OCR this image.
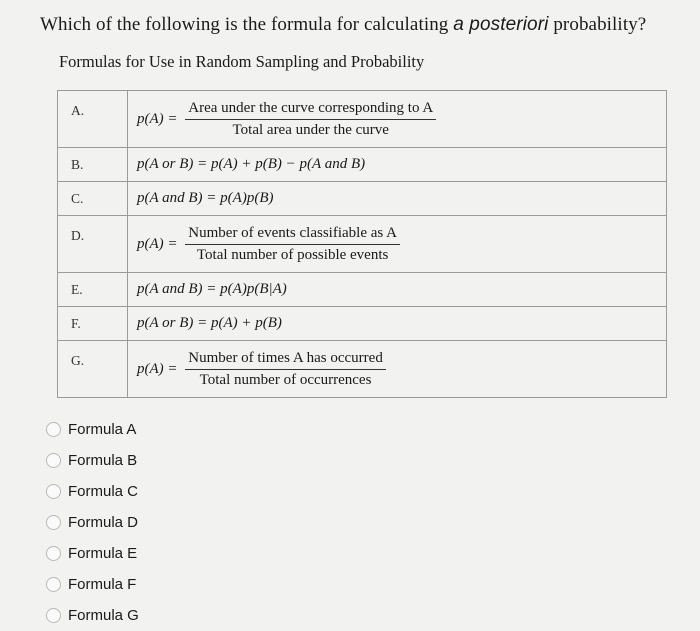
Which of the following is the formula for calculating a posteriori probability?
Formulas for Use in Random Sampling and Probability
A.	$p(A) = \frac{\text{Area under the curve corresponding to A}}{\text{Total area under the curve}}$

B.	p(A or B) = p(A) + p(B) − p(A and B)
C.	p(A and B) = p(A)p(B)
D.	$p(A) = \frac{\text{Number of events classifiable as A}}{\text{Total number of possible events}}$

E.	p(A and B) = p(A)p(B|A)
F.	p(A or B) = p(A) + p(B)
G.	$p(A) = \frac{\text{Number of times A has occurred}}{\text{Total number of occurrences}}$
Formula A
Formula B
Formula C
Formula D
Formula E
Formula F
Formula G
